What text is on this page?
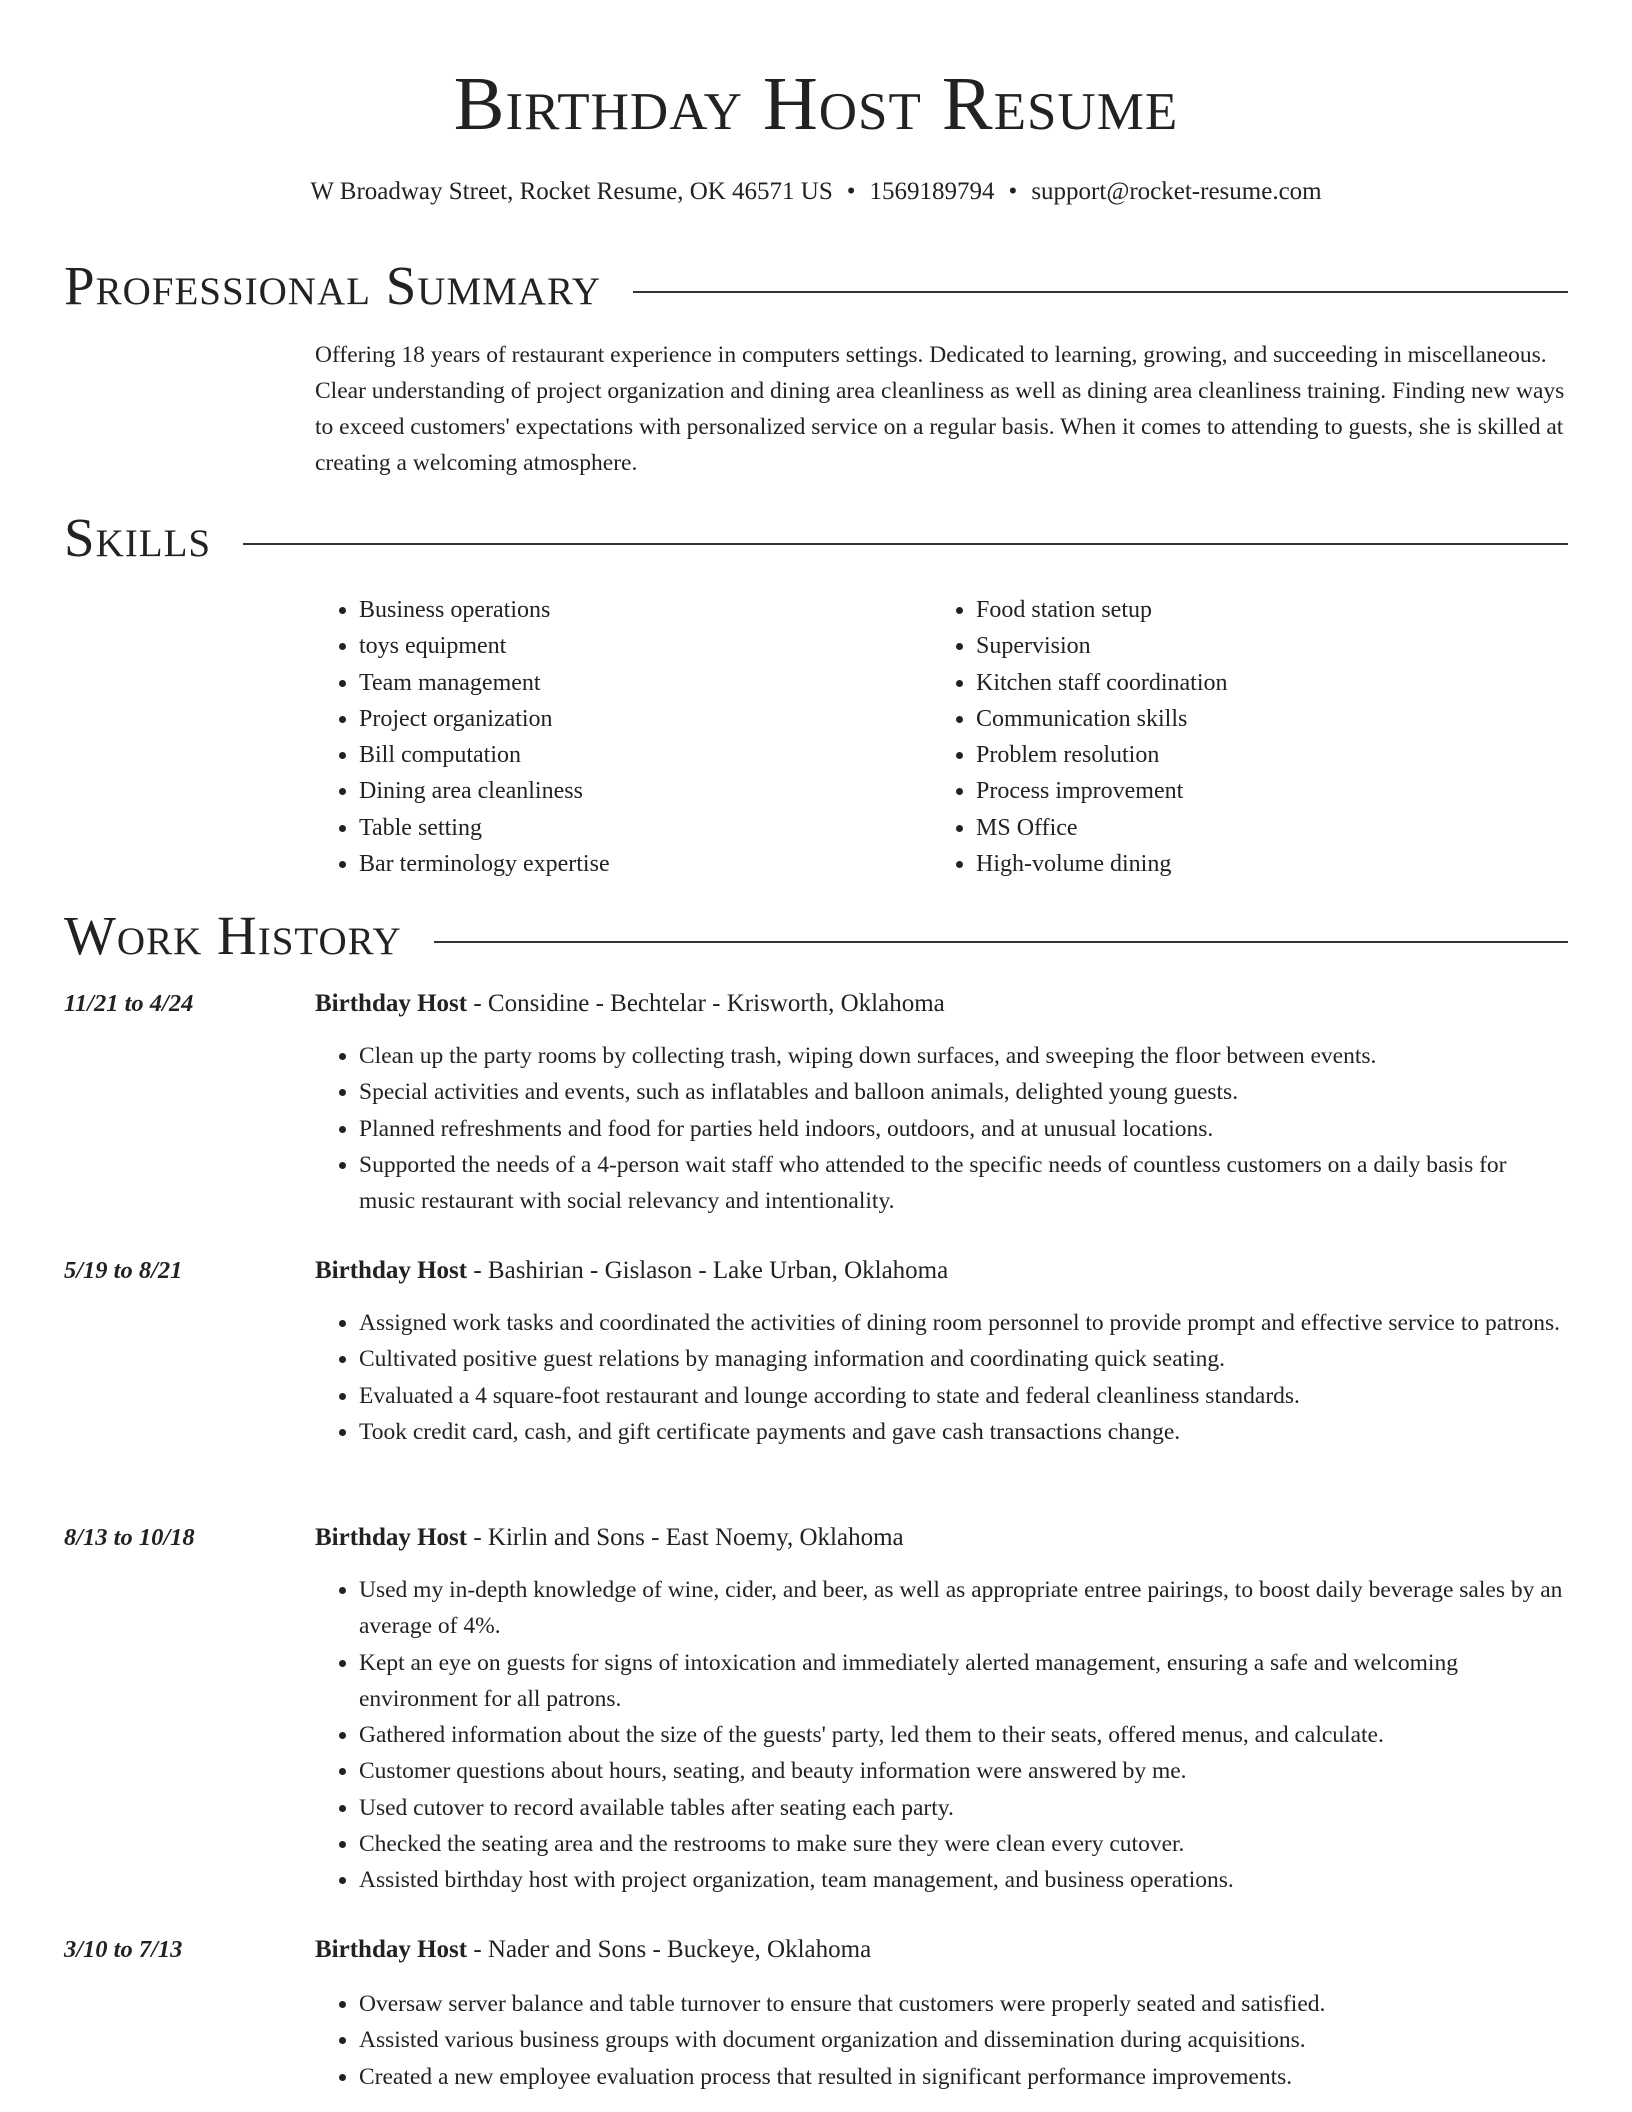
Birthday Host Resume
W Broadway Street, Rocket Resume, OK 46571 US • 1569189794 • support@rocket-resume.com
Professional Summary

Offering 18 years of restaurant experience in computers settings. Dedicated to learning, growing, and succeeding in miscellaneous. Clear understanding of project organization and dining area cleanliness as well as dining area cleanliness training. Finding new ways to exceed customers' expectations with personalized service on a regular basis. When it comes to attending to guests, she is skilled at creating a welcoming atmosphere.

Skills
• Business operations
• toys equipment
• Team management
• Project organization
• Bill computation
• Dining area cleanliness
• Table setting
• Bar terminology expertise
• Food station setup
• Supervision
• Kitchen staff coordination
• Communication skills
• Problem resolution
• Process improvement
• MS Office
• High-volume dining
Work History
11/21 to 4/24	Birthday Host - Considine - Bechtelar - Krisworth, Oklahoma
• Clean up the party rooms by collecting trash, wiping down surfaces, and sweeping the floor between events.
• Special activities and events, such as inflatables and balloon animals, delighted young guests.
• Planned refreshments and food for parties held indoors, outdoors, and at unusual locations.
• Supported the needs of a 4-person wait staff who attended to the specific needs of countless customers on a daily basis for music restaurant with social relevancy and intentionality.
5/19 to 8/21	Birthday Host - Bashirian - Gislason - Lake Urban, Oklahoma
• Assigned work tasks and coordinated the activities of dining room personnel to provide prompt and effective service to patrons.
• Cultivated positive guest relations by managing information and coordinating quick seating.
• Evaluated a 4 square-foot restaurant and lounge according to state and federal cleanliness standards.
• Took credit card, cash, and gift certificate payments and gave cash transactions change.
8/13 to 10/18	Birthday Host - Kirlin and Sons - East Noemy, Oklahoma
• Used my in-depth knowledge of wine, cider, and beer, as well as appropriate entree pairings, to boost daily beverage sales by an average of 4%.
• Kept an eye on guests for signs of intoxication and immediately alerted management, ensuring a safe and welcoming environment for all patrons.
• Gathered information about the size of the guests' party, led them to their seats, offered menus, and calculate.
• Customer questions about hours, seating, and beauty information were answered by me.
• Used cutover to record available tables after seating each party.
• Checked the seating area and the restrooms to make sure they were clean every cutover.
• Assisted birthday host with project organization, team management, and business operations.
3/10 to 7/13	Birthday Host - Nader and Sons - Buckeye, Oklahoma
• Oversaw server balance and table turnover to ensure that customers were properly seated and satisfied.
• Assisted various business groups with document organization and dissemination during acquisitions.
• Created a new employee evaluation process that resulted in significant performance improvements.
